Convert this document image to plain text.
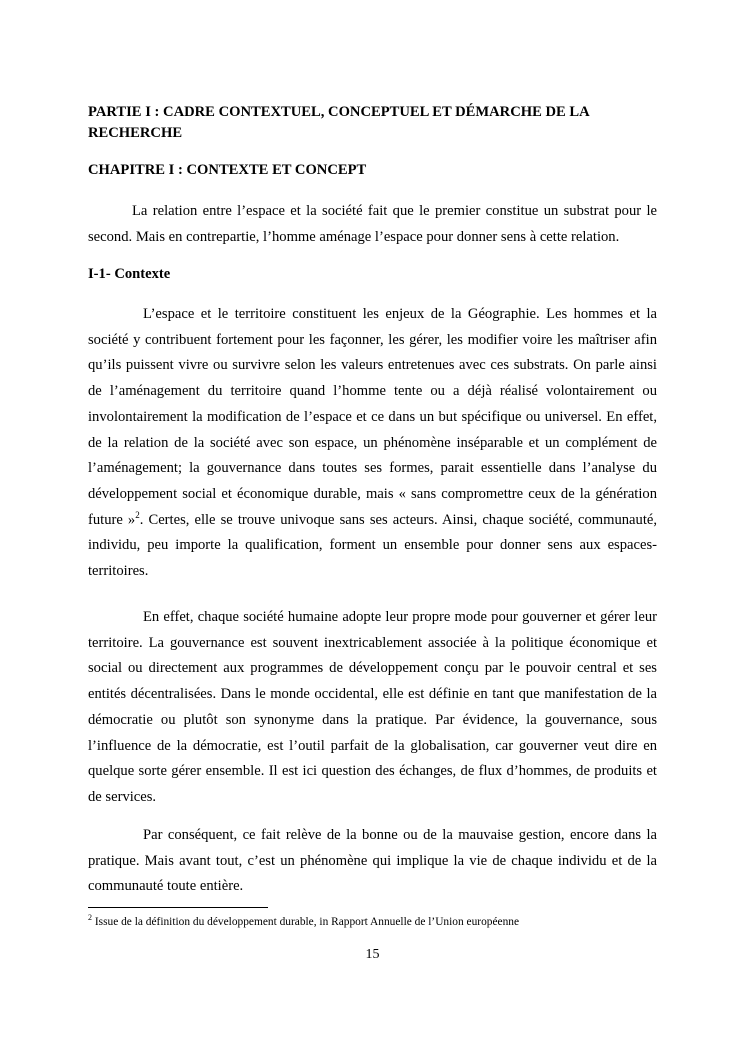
PARTIE I : CADRE CONTEXTUEL, CONCEPTUEL ET DÉMARCHE DE LA RECHERCHE

CHAPITRE I : CONTEXTE ET CONCEPT

La relation entre l’espace et la société fait que le premier constitue un substrat pour le second. Mais en contrepartie, l’homme aménage l’espace pour donner sens à cette relation.

I-1- Contexte

L’espace et le territoire constituent les enjeux de la Géographie. Les hommes et la société y contribuent fortement pour les façonner, les gérer, les modifier voire les maîtriser afin qu’ils puissent vivre ou survivre selon les valeurs entretenues avec ces substrats. On parle ainsi de l’aménagement du territoire quand l’homme tente ou a déjà réalisé volontairement ou involontairement la modification de l’espace et ce dans un but spécifique ou universel. En effet, de la relation de la société avec son espace, un phénomène inséparable et un complément de l’aménagement; la gouvernance dans toutes ses formes, parait essentielle dans l’analyse du développement social et économique durable, mais « sans compromettre ceux de la génération future »$^2$. Certes, elle se trouve univoque sans ses acteurs. Ainsi, chaque société, communauté, individu, peu importe la qualification, forment un ensemble pour donner sens aux espaces-territoires.

En effet, chaque société humaine adopte leur propre mode pour gouverner et gérer leur territoire. La gouvernance est souvent inextricablement associée à la politique économique et social ou directement aux programmes de développement conçu par le pouvoir central et ses entités décentralisées. Dans le monde occidental, elle est définie en tant que manifestation de la démocratie ou plutôt son synonyme dans la pratique. Par évidence, la gouvernance, sous l’influence de la démocratie, est l’outil parfait de la globalisation, car gouverner veut dire en quelque sorte gérer ensemble. Il est ici question des échanges, de flux d’hommes, de produits et de services.

Par conséquent, ce fait relève de la bonne ou de la mauvaise gestion, encore dans la pratique. Mais avant tout, c’est un phénomène qui implique la vie de chaque individu et de la communauté toute entière.

$^2$ Issue de la définition du développement durable, in Rapport Annuelle de l’Union européenne

15
